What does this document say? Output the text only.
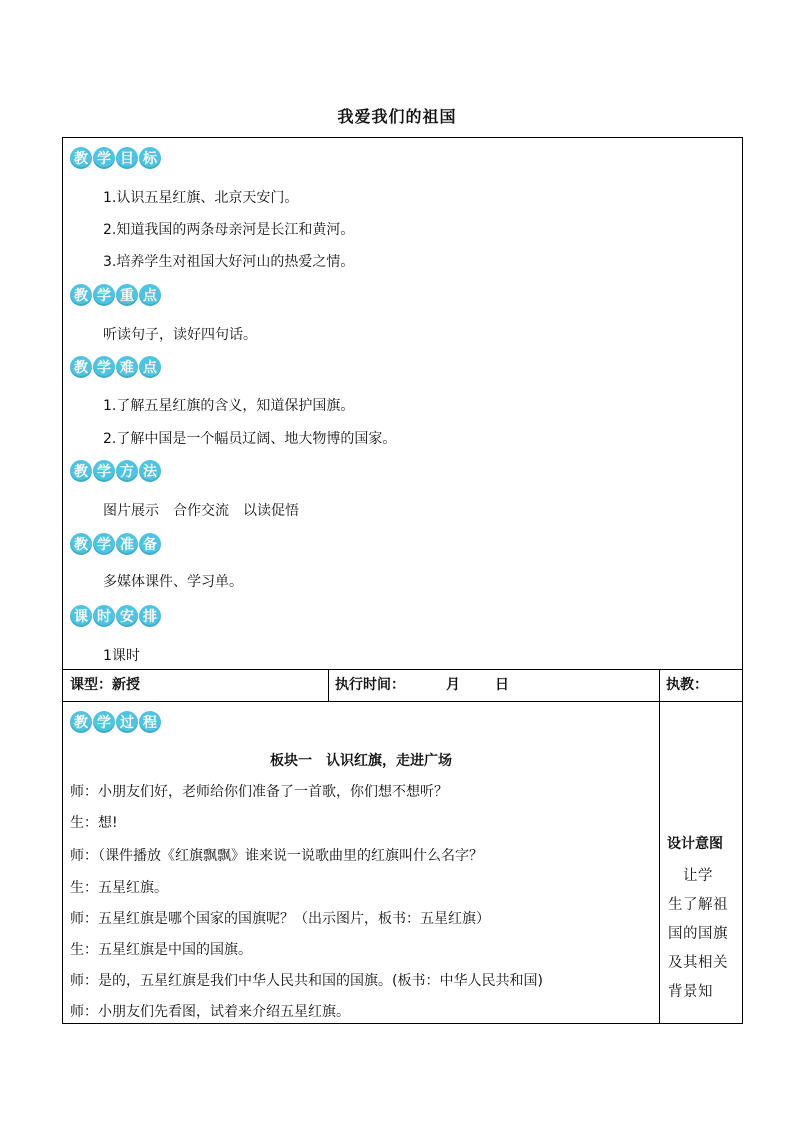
我爱我们的祖国
教 学 目 标
1.认识五星红旗、北京天安门。
2.知道我国的两条母亲河是长江和黄河。
3.培养学生对祖国大好河山的热爱之情。
教 学 重 点
听读句子，读好四句话。
教 学 难 点
1.了解五星红旗的含义，知道保护国旗。
2.了解中国是一个幅员辽阔、地大物博的国家。
教 学 方 法
图片展示　合作交流　以读促悟
教 学 准 备
多媒体课件、学习单。
课 时 安 排
1课时
课型：新授	执行时间：	月	日	执教：
教 学 过 程
板块一　认识红旗，走进广场
师：小朋友们好，老师给你们准备了一首歌，你们想不想听？
生：想!
师：（课件播放《红旗飘飘》谁来说一说歌曲里的红旗叫什么名字？
生：五星红旗。
师：五星红旗是哪个国家的国旗呢？（出示图片，板书：五星红旗）
生：五星红旗是中国的国旗。
师：是的，五星红旗是我们中华人民共和国的国旗。(板书：中华人民共和国)
师：小朋友们先看图，试着来介绍五星红旗。
设计意图
　让学
生了解祖
国的国旗
及其相关
背景知
